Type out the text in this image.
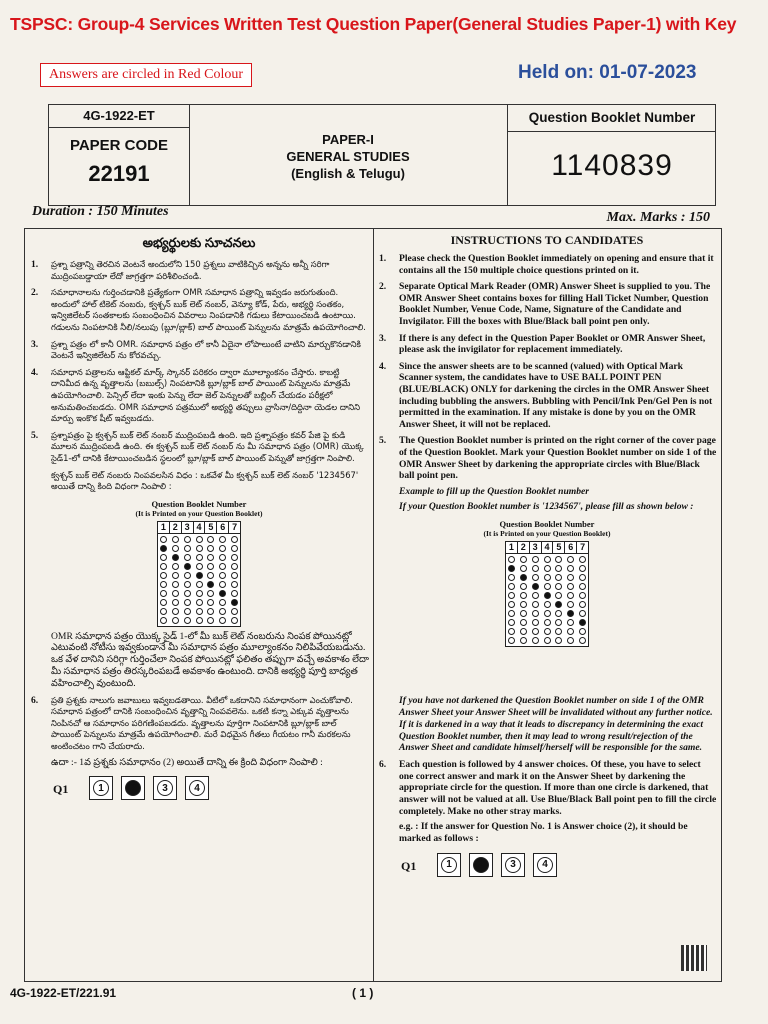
TSPSC: Group-4 Services Written Test Question Paper(General Studies Paper-1) with Key
Answers are circled in Red Colour	Held on: 01-07-2023
4G-1922-ET
PAPER CODE
22191
PAPER-I
GENERAL STUDIES
(English & Telugu)
Question Booklet Number
1140839
Duration : 150 Minutes	Max. Marks : 150
అభ్యర్థులకు సూచనలు
1. ప్రశ్నా పత్రాన్ని తెరచిన వెంటనే అందులోని 150 ప్రశ్నలు వాటికిచ్చిన అన్నను అన్నీ సరిగా ముద్రింపబడ్డాయా లేదో జాగ్రత్తగా పరిశీలించండి.
2. సమాధానాలను గుర్తించడానికి ప్రత్యేకంగా OMR సమాధాన పత్రాన్ని ఇవ్వడం జరుగుతుంది. అందులో హాల్ టికెట్ నంబరు, క్వశ్చన్ బుక్ లెట్ నంబర్, వెన్యూ కోడ్, పేరు, అభ్యర్థి సంతకం, ఇన్విజిలేటర్ సంతకాలకు సంబంధించిన వివరాలు నింపడానికి గడులు కేటాయించబడి ఉంటాయి. గడులను నింపటానికి నీలి/నలుపు (బ్లూ/బ్లాక్) బాల్ పాయింట్ పెన్నులను మాత్రమే ఉపయోగించాలి.
3. ప్రశ్నా పత్రం లో కానీ OMR. సమాధాన పత్రం లో కానీ ఏదైనా లోపాలుంటే వాటిని మార్చుకొనడానికి వెంటనే ఇన్విజిలేటర్ ను కోరవచ్చు.
4. సమాధాన పత్రాలను ఆప్టికల్ మార్క్ స్కానర్ పరికరం ద్వారా మూల్యాంకనం చేస్తారు. కాబట్టి దానిమీద ఉన్న వృత్తాలను (బబుల్స్) నింపటానికి బ్లూ/బ్లాక్ బాల్ పాయింట్ పెన్నులను మాత్రమే ఉపయోగించాలి. పెన్సిల్ లేదా ఇంకు పెన్ను లేదా జెల్ పెన్నులతో బబ్లింగ్ చేయడం పరీక్షలో అనుమతించబడదు. OMR సమాధాన పత్రములో అభ్యర్థి తప్పులు వ్రాసినా/దిద్దినా యెడల దానిని మార్పు ఇంకొక షీట్ ఇవ్వబడదు.
5. ప్రశ్నాపత్రం పై క్వశ్చన్ బుక్ లెట్ నంబర్ ముద్రింపబడి ఉంది. ఇది ప్రశ్నాపత్రం కవర్ పేజి పై కుడి మూలన ముద్రింపబడి ఉంది. ఈ క్వశ్చన్ బుక్ లెట్ నంబర్ ను మీ సమాధాన పత్రం (OMR) యొక్క సైడ్1-లో దానికి కేటాయించబడిన స్థలంలో బ్లూ/బ్లాక్ బాల్ పాయింట్ పెన్నుతో జాగ్రత్తగా నింపాలి.
క్వశ్చన్ బుక్ లెట్ నంబరు నింపవలసిన విధం : ఒకవేళ మీ క్వశ్చన్ బుక్ లెట్ నంబర్ '1234567' అయితే దాన్ని కింది విధంగా నింపాలి :
Question Booklet Number
(It is Printed on your Question Booklet)
1 2 3 4 5 6 7
OMR సమాధాన పత్రం యొక్క సైడ్ 1-లో మీ బుక్ లెట్ నంబరును నింపక పోయినట్లో ఎటువంటి నోటీసు ఇవ్వకుండానే మీ సమాధాన పత్రం మూల్యాంకనం నిలిపివేయబడును. ఒక వేళ దానిని సరిగ్గా గుర్తించేలా నింపక పోయినట్లో ఫలితం తప్పుగా వచ్చే అవకాశం లేదా మీ సమాధాన పత్రం తిరస్కరింపబడే అవకాశం ఉంటుంది. దానికి అభ్యర్థి పూర్తి బాధ్యత వహించాల్సి వుంటుంది.
6. ప్రతి ప్రశ్నకు నాలుగు జవాబులు ఇవ్వబడతాయి. వీటిలో ఒకదానిని సమాధానంగా ఎంచుకోవాలి. సమాధాన పత్రంలో దానికి సంబంధించిన వృత్తాన్ని నింపవలెను. ఒకటి కన్నా ఎక్కువ వృత్తాలను నింపినచో ఆ సమాధానం పరిగణింపబడదు. వృత్తాలను పూర్తిగా నింపటానికి బ్లూ/బ్లాక్ బాల్ పాయింట్ పెన్నులను మాత్రమే ఉపయోగించాలి. మరే విధమైన గీతలు గీయటం గానీ మరకలను అంటించటం గాని చేయరాదు.
ఉదా :- 1వ ప్రశ్నకు సమాధానం (2) అయితే దాన్ని ఈ క్రింది విధంగా నింపాలి :
Q1	1	2	3	4
INSTRUCTIONS TO CANDIDATES
1. Please check the Question Booklet immediately on opening and ensure that it contains all the 150 multiple choice questions printed on it.
2. Separate Optical Mark Reader (OMR) Answer Sheet is supplied to you. The OMR Answer Sheet contains boxes for filling Hall Ticket Number, Question Booklet Number, Venue Code, Name, Signature of the Candidate and Invigilator. Fill the boxes with Blue/Black ball point pen only.
3. If there is any defect in the Question Paper Booklet or OMR Answer Sheet, please ask the invigilator for replacement immediately.
4. Since the answer sheets are to be scanned (valued) with Optical Mark Scanner system, the candidates have to USE BALL POINT PEN (BLUE/BLACK) ONLY for darkening the circles in the OMR Answer Sheet including bubbling the answers. Bubbling with Pencil/Ink Pen/Gel Pen is not permitted in the examination. If any mistake is done by you on the OMR Answer Sheet, it will not be replaced.
5. The Question Booklet number is printed on the right corner of the cover page of the Question Booklet. Mark your Question Booklet number on side 1 of the OMR Answer Sheet by darkening the appropriate circles with Blue/Black ball point pen.
Example to fill up the Question Booklet number
If your Question Booklet number is '1234567', please fill as shown below :
Question Booklet Number
(It is Printed on your Question Booklet)
1 2 3 4 5 6 7
If you have not darkened the Question Booklet number on side 1 of the OMR Answer Sheet your Answer Sheet will be invalidated without any further notice. If it is darkened in a way that it leads to discrepancy in determining the exact Question Booklet number, then it may lead to wrong result/rejection of the Answer Sheet and candidate himself/herself will be responsible for the same.
6. Each question is followed by 4 answer choices. Of these, you have to select one correct answer and mark it on the Answer Sheet by darkening the appropriate circle for the question. If more than one circle is darkened, that answer will not be valued at all. Use Blue/Black Ball point pen to fill the circle completely. Make no other stray marks.
e.g. : If the answer for Question No. 1 is Answer choice (2), it should be marked as follows :
Q1	1	2	3	4
4G-1922-ET/221.91	( 1 )
